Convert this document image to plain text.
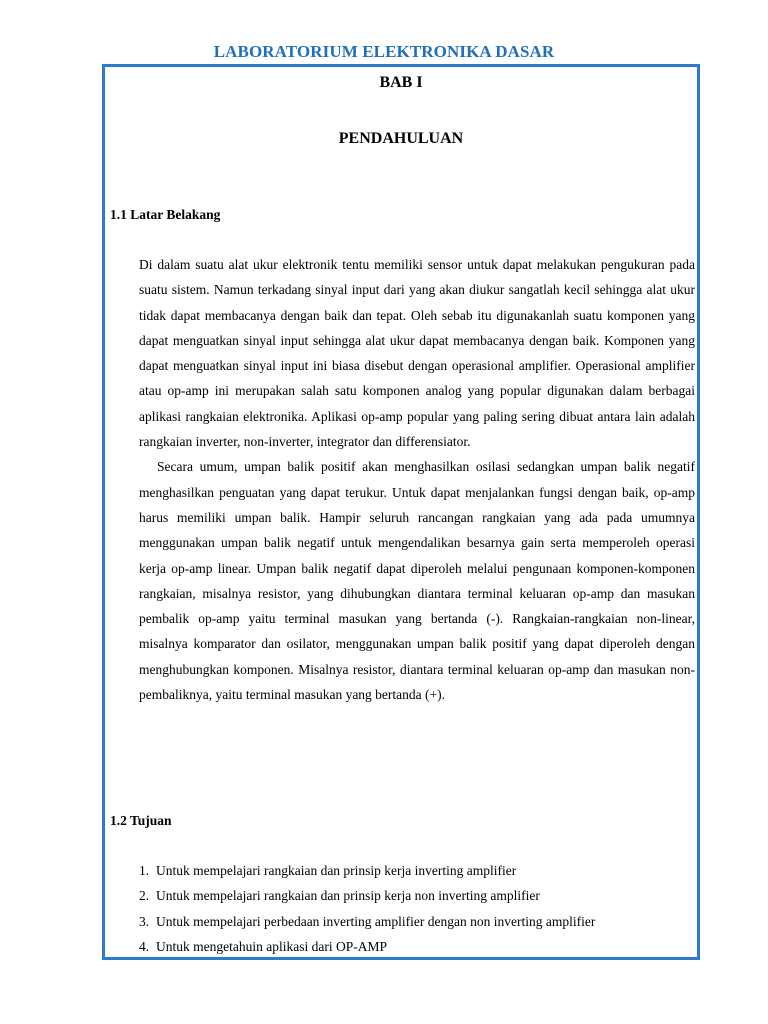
LABORATORIUM ELEKTRONIKA DASAR
BAB I
PENDAHULUAN
1.1 Latar Belakang

Di dalam suatu alat ukur elektronik tentu memiliki sensor untuk dapat melakukan pengukuran pada suatu sistem. Namun terkadang sinyal input dari yang akan diukur sangatlah kecil sehingga alat ukur tidak dapat membacanya dengan baik dan tepat. Oleh sebab itu digunakanlah suatu komponen yang dapat menguatkan sinyal input sehingga alat ukur dapat membacanya dengan baik. Komponen yang dapat menguatkan sinyal input ini biasa disebut dengan operasional amplifier. Operasional amplifier atau op-amp ini merupakan salah satu komponen analog yang popular digunakan dalam berbagai aplikasi rangkaian elektronika. Aplikasi op-amp popular yang paling sering dibuat antara lain adalah rangkaian inverter, non-inverter, integrator dan differensiator.

Secara umum, umpan balik positif akan menghasilkan osilasi sedangkan umpan balik negatif menghasilkan penguatan yang dapat terukur. Untuk dapat menjalankan fungsi dengan baik, op-amp harus memiliki umpan balik. Hampir seluruh rancangan rangkaian yang ada pada umumnya menggunakan umpan balik negatif untuk mengendalikan besarnya gain serta memperoleh operasi kerja op-amp linear. Umpan balik negatif dapat diperoleh melalui pengunaan komponen-komponen rangkaian, misalnya resistor, yang dihubungkan diantara terminal keluaran op-amp dan masukan pembalik op-amp yaitu terminal masukan yang bertanda (-). Rangkaian-rangkaian non-linear, misalnya komparator dan osilator, menggunakan umpan balik positif yang dapat diperoleh dengan menghubungkan komponen. Misalnya resistor, diantara terminal keluaran op-amp dan masukan non-pembaliknya, yaitu terminal masukan yang bertanda (+).

1.2 Tujuan
1. Untuk mempelajari rangkaian dan prinsip kerja inverting amplifier
2. Untuk mempelajari rangkaian dan prinsip kerja non inverting amplifier
3. Untuk mempelajari perbedaan inverting amplifier dengan non inverting amplifier
4. Untuk mengetahuin aplikasi dari OP-AMP
